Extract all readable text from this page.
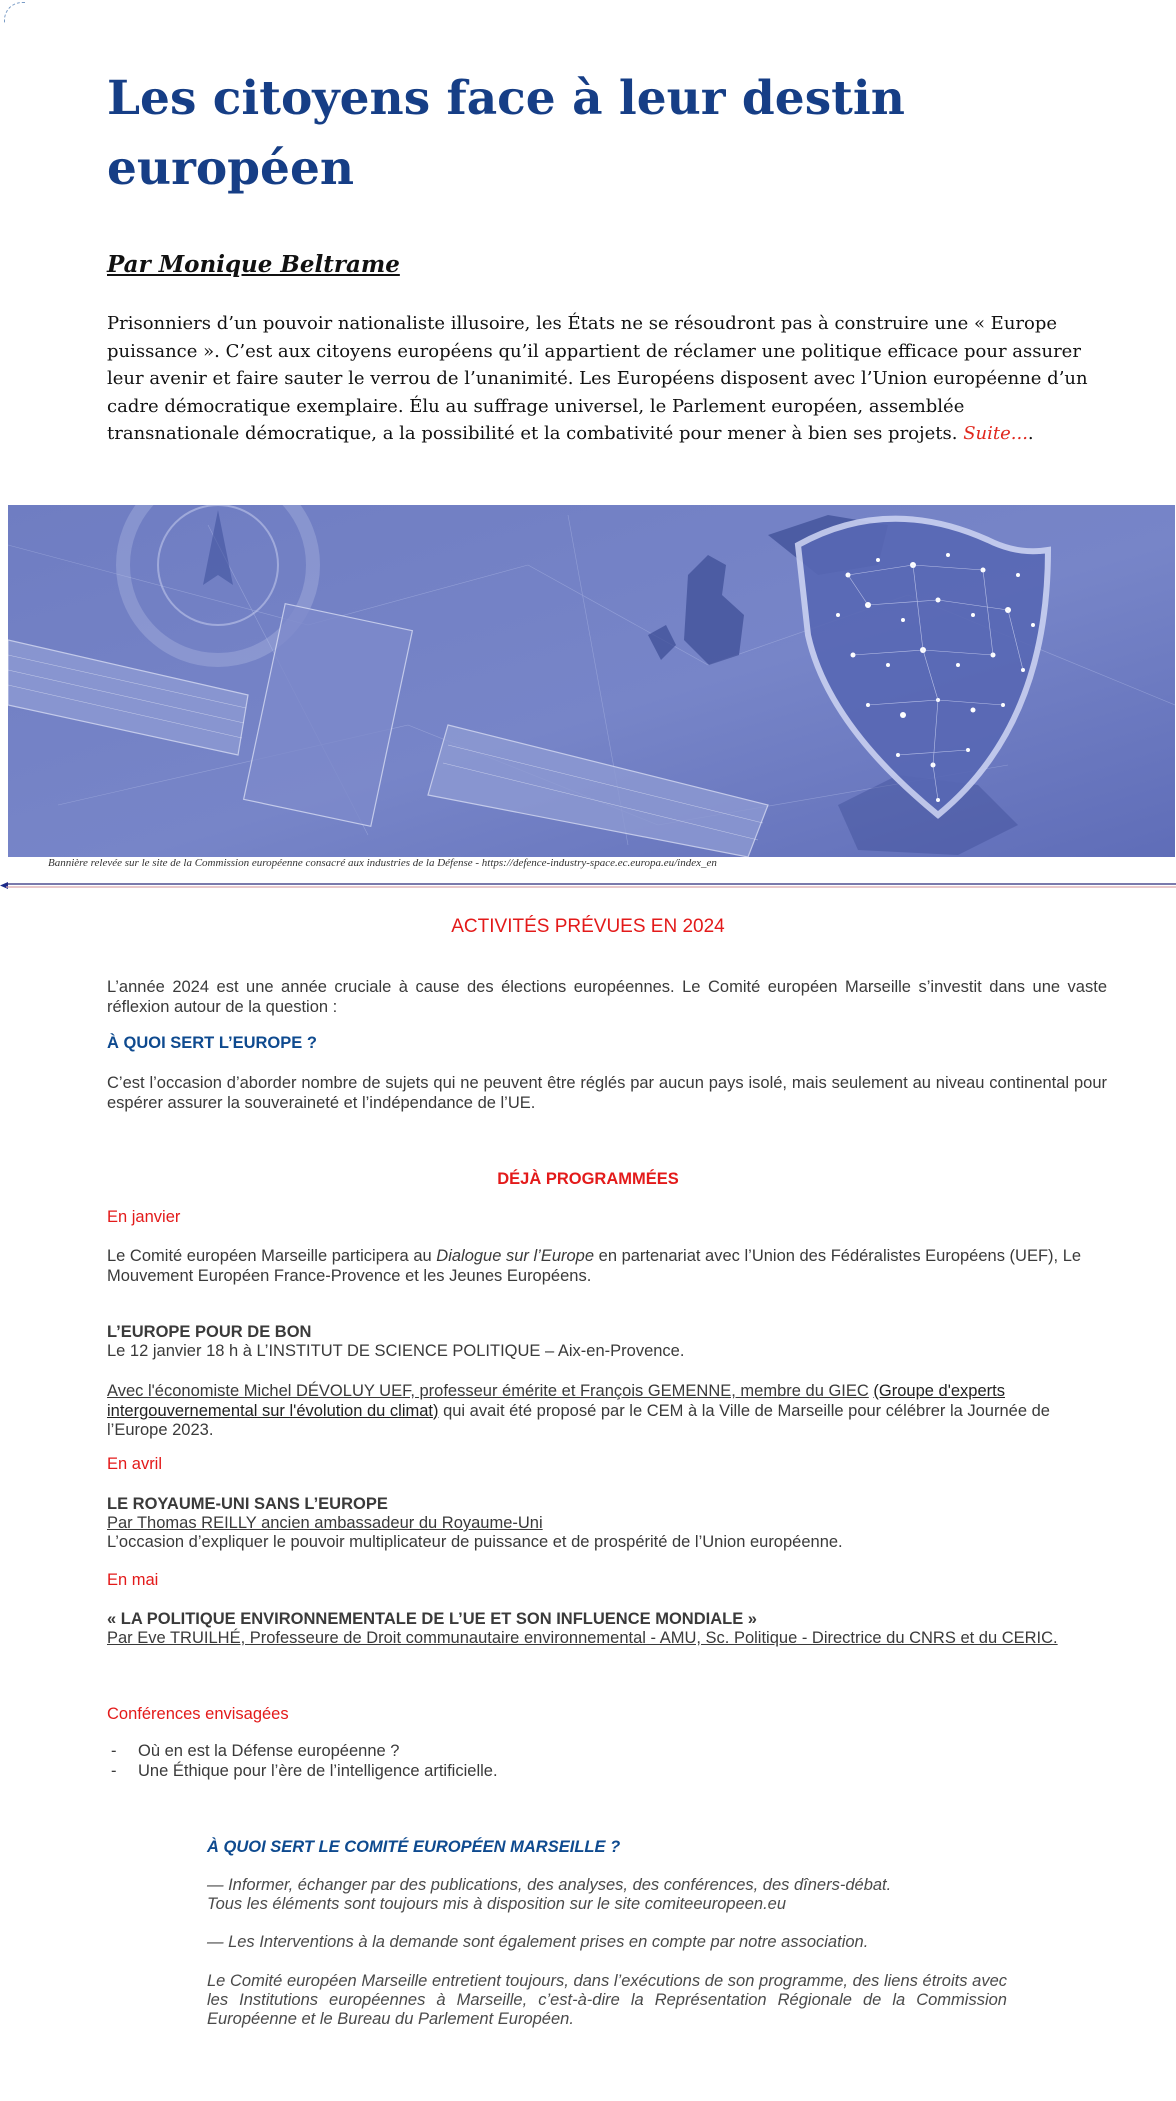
Les citoyens face à leur destin européen

Par Monique Beltrame

Prisonniers d’un pouvoir nationaliste illusoire, les États ne se résoudront pas à construire une « Europe puissance ». C’est aux citoyens européens qu’il appartient de réclamer une politique efficace pour assurer leur avenir et faire sauter le verrou de l’unanimité. Les Européens disposent avec l’Union européenne d’un cadre démocratique exemplaire. Élu au suffrage universel, le Parlement européen, assemblée transnationale démocratique, a la possibilité et la combativité pour mener à bien ses projets. Suite....

Bannière relevée sur le site de la Commission européenne consacré aux industries de la Défense - https://defence-industry-space.ec.europa.eu/index_en

ACTIVITÉS PRÉVUES EN 2024

L’année 2024 est une année cruciale à cause des élections européennes. Le Comité européen Marseille s’investit dans une vaste réflexion autour de la question :

À QUOI SERT L’EUROPE ?

C’est l’occasion d’aborder nombre de sujets qui ne peuvent être réglés par aucun pays isolé, mais seulement au niveau continental pour espérer assurer la souveraineté et l’indépendance de l’UE.

DÉJÀ PROGRAMMÉES

En janvier

Le Comité européen Marseille participera au Dialogue sur l’Europe en partenariat avec l’Union des Fédéralistes Européens (UEF), Le Mouvement Européen France-Provence et les Jeunes Européens.

L’EUROPE POUR DE BON

Le 12 janvier 18 h à L’INSTITUT DE SCIENCE POLITIQUE – Aix-en-Provence.

Avec l'économiste Michel DÉVOLUY UEF, professeur émérite et François GEMENNE, membre du GIEC (Groupe d'experts intergouvernemental sur l'évolution du climat) qui avait été proposé par le CEM à la Ville de Marseille pour célébrer la Journée de l’Europe 2023.

En avril

LE ROYAUME-UNI SANS L’EUROPE

Par Thomas REILLY ancien ambassadeur du Royaume-Uni

L’occasion d’expliquer le pouvoir multiplicateur de puissance et de prospérité de l’Union européenne.

En mai

« LA POLITIQUE ENVIRONNEMENTALE DE L’UE ET SON INFLUENCE MONDIALE »

Par Eve TRUILHÉ, Professeure de Droit communautaire environnemental - AMU, Sc. Politique - Directrice du CNRS et du CERIC.

Conférences envisagées

- Où en est la Défense européenne ?
- Une Éthique pour l’ère de l’intelligence artificielle.

À QUOI SERT LE COMITÉ EUROPÉEN MARSEILLE ?

— Informer, échanger par des publications, des analyses, des conférences, des dîners-débat.
Tous les éléments sont toujours mis à disposition sur le site comiteeuropeen.eu

— Les Interventions à la demande sont également prises en compte par notre association.

Le Comité européen Marseille entretient toujours, dans l’exécutions de son programme, des liens étroits avec les Institutions européennes à Marseille, c’est-à-dire la Représentation Régionale de la Commission Européenne et le Bureau du Parlement Européen.
